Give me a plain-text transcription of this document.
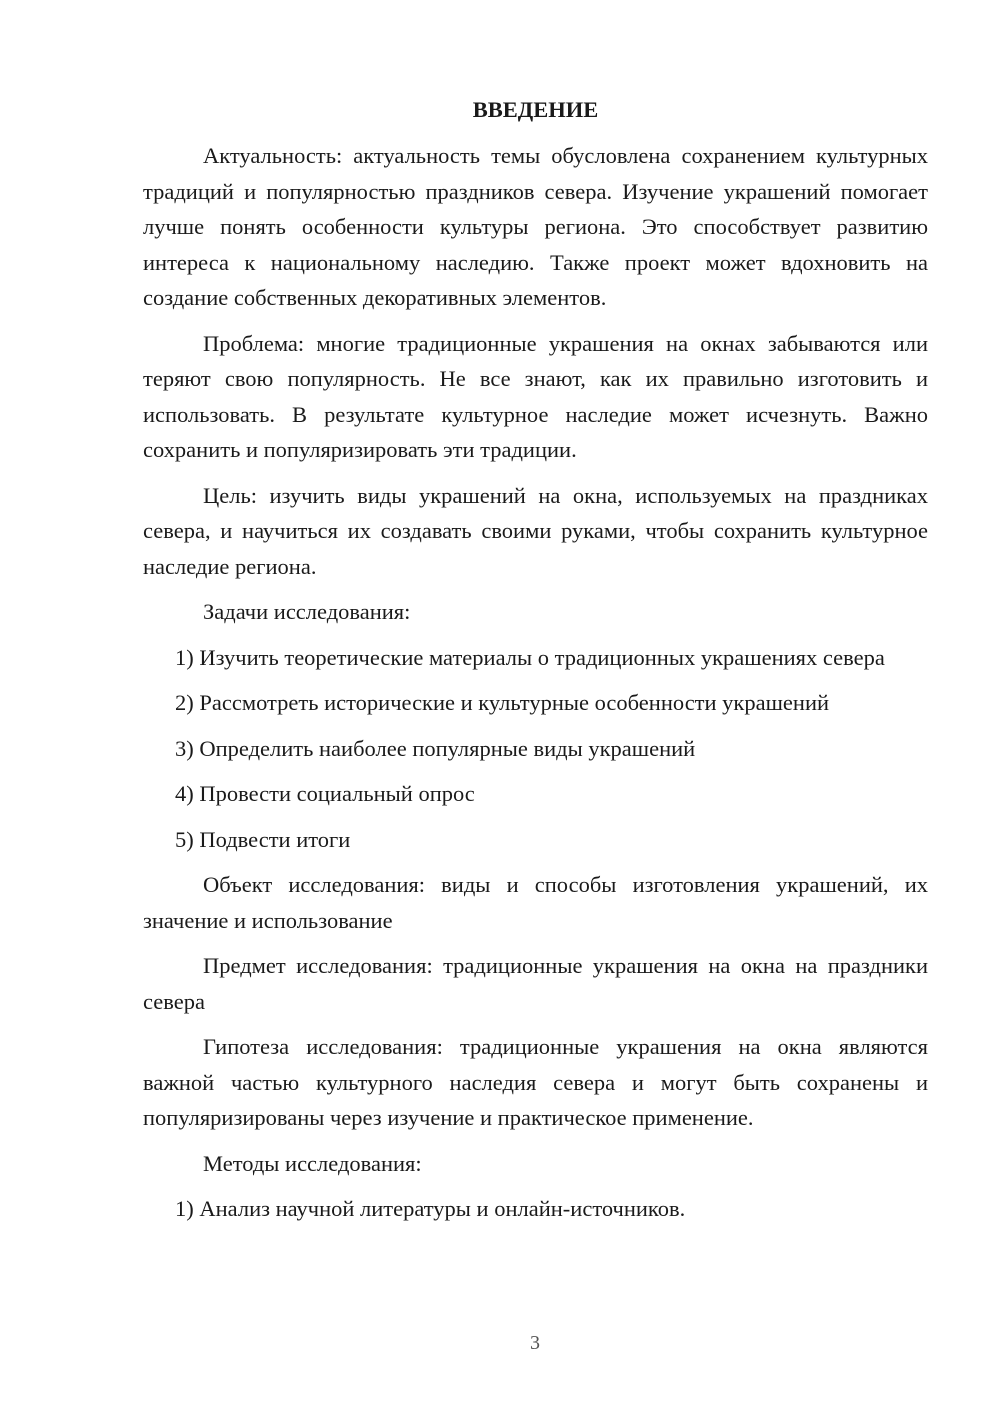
ВВЕДЕНИЕ

Актуальность: актуальность темы обусловлена сохранением культурных традиций и популярностью праздников севера. Изучение украшений помогает лучше понять особенности культуры региона. Это способствует развитию интереса к национальному наследию. Также проект может вдохновить на создание собственных декоративных элементов.

Проблема: многие традиционные украшения на окнах забываются или теряют свою популярность. Не все знают, как их правильно изготовить и использовать. В результате культурное наследие может исчезнуть. Важно сохранить и популяризировать эти традиции.

Цель: изучить виды украшений на окна, используемых на праздниках севера, и научиться их создавать своими руками, чтобы сохранить культурное наследие региона.

Задачи исследования:

1) Изучить теоретические материалы о традиционных украшениях севера

2) Рассмотреть исторические и культурные особенности украшений

3) Определить наиболее популярные виды украшений

4) Провести социальный опрос

5) Подвести итоги

Объект исследования: виды и способы изготовления украшений, их значение и использование

Предмет исследования: традиционные украшения на окна на праздники севера

Гипотеза исследования: традиционные украшения на окна являются важной частью культурного наследия севера и могут быть сохранены и популяризированы через изучение и практическое применение.

Методы исследования:

1) Анализ научной литературы и онлайн-источников.

3
